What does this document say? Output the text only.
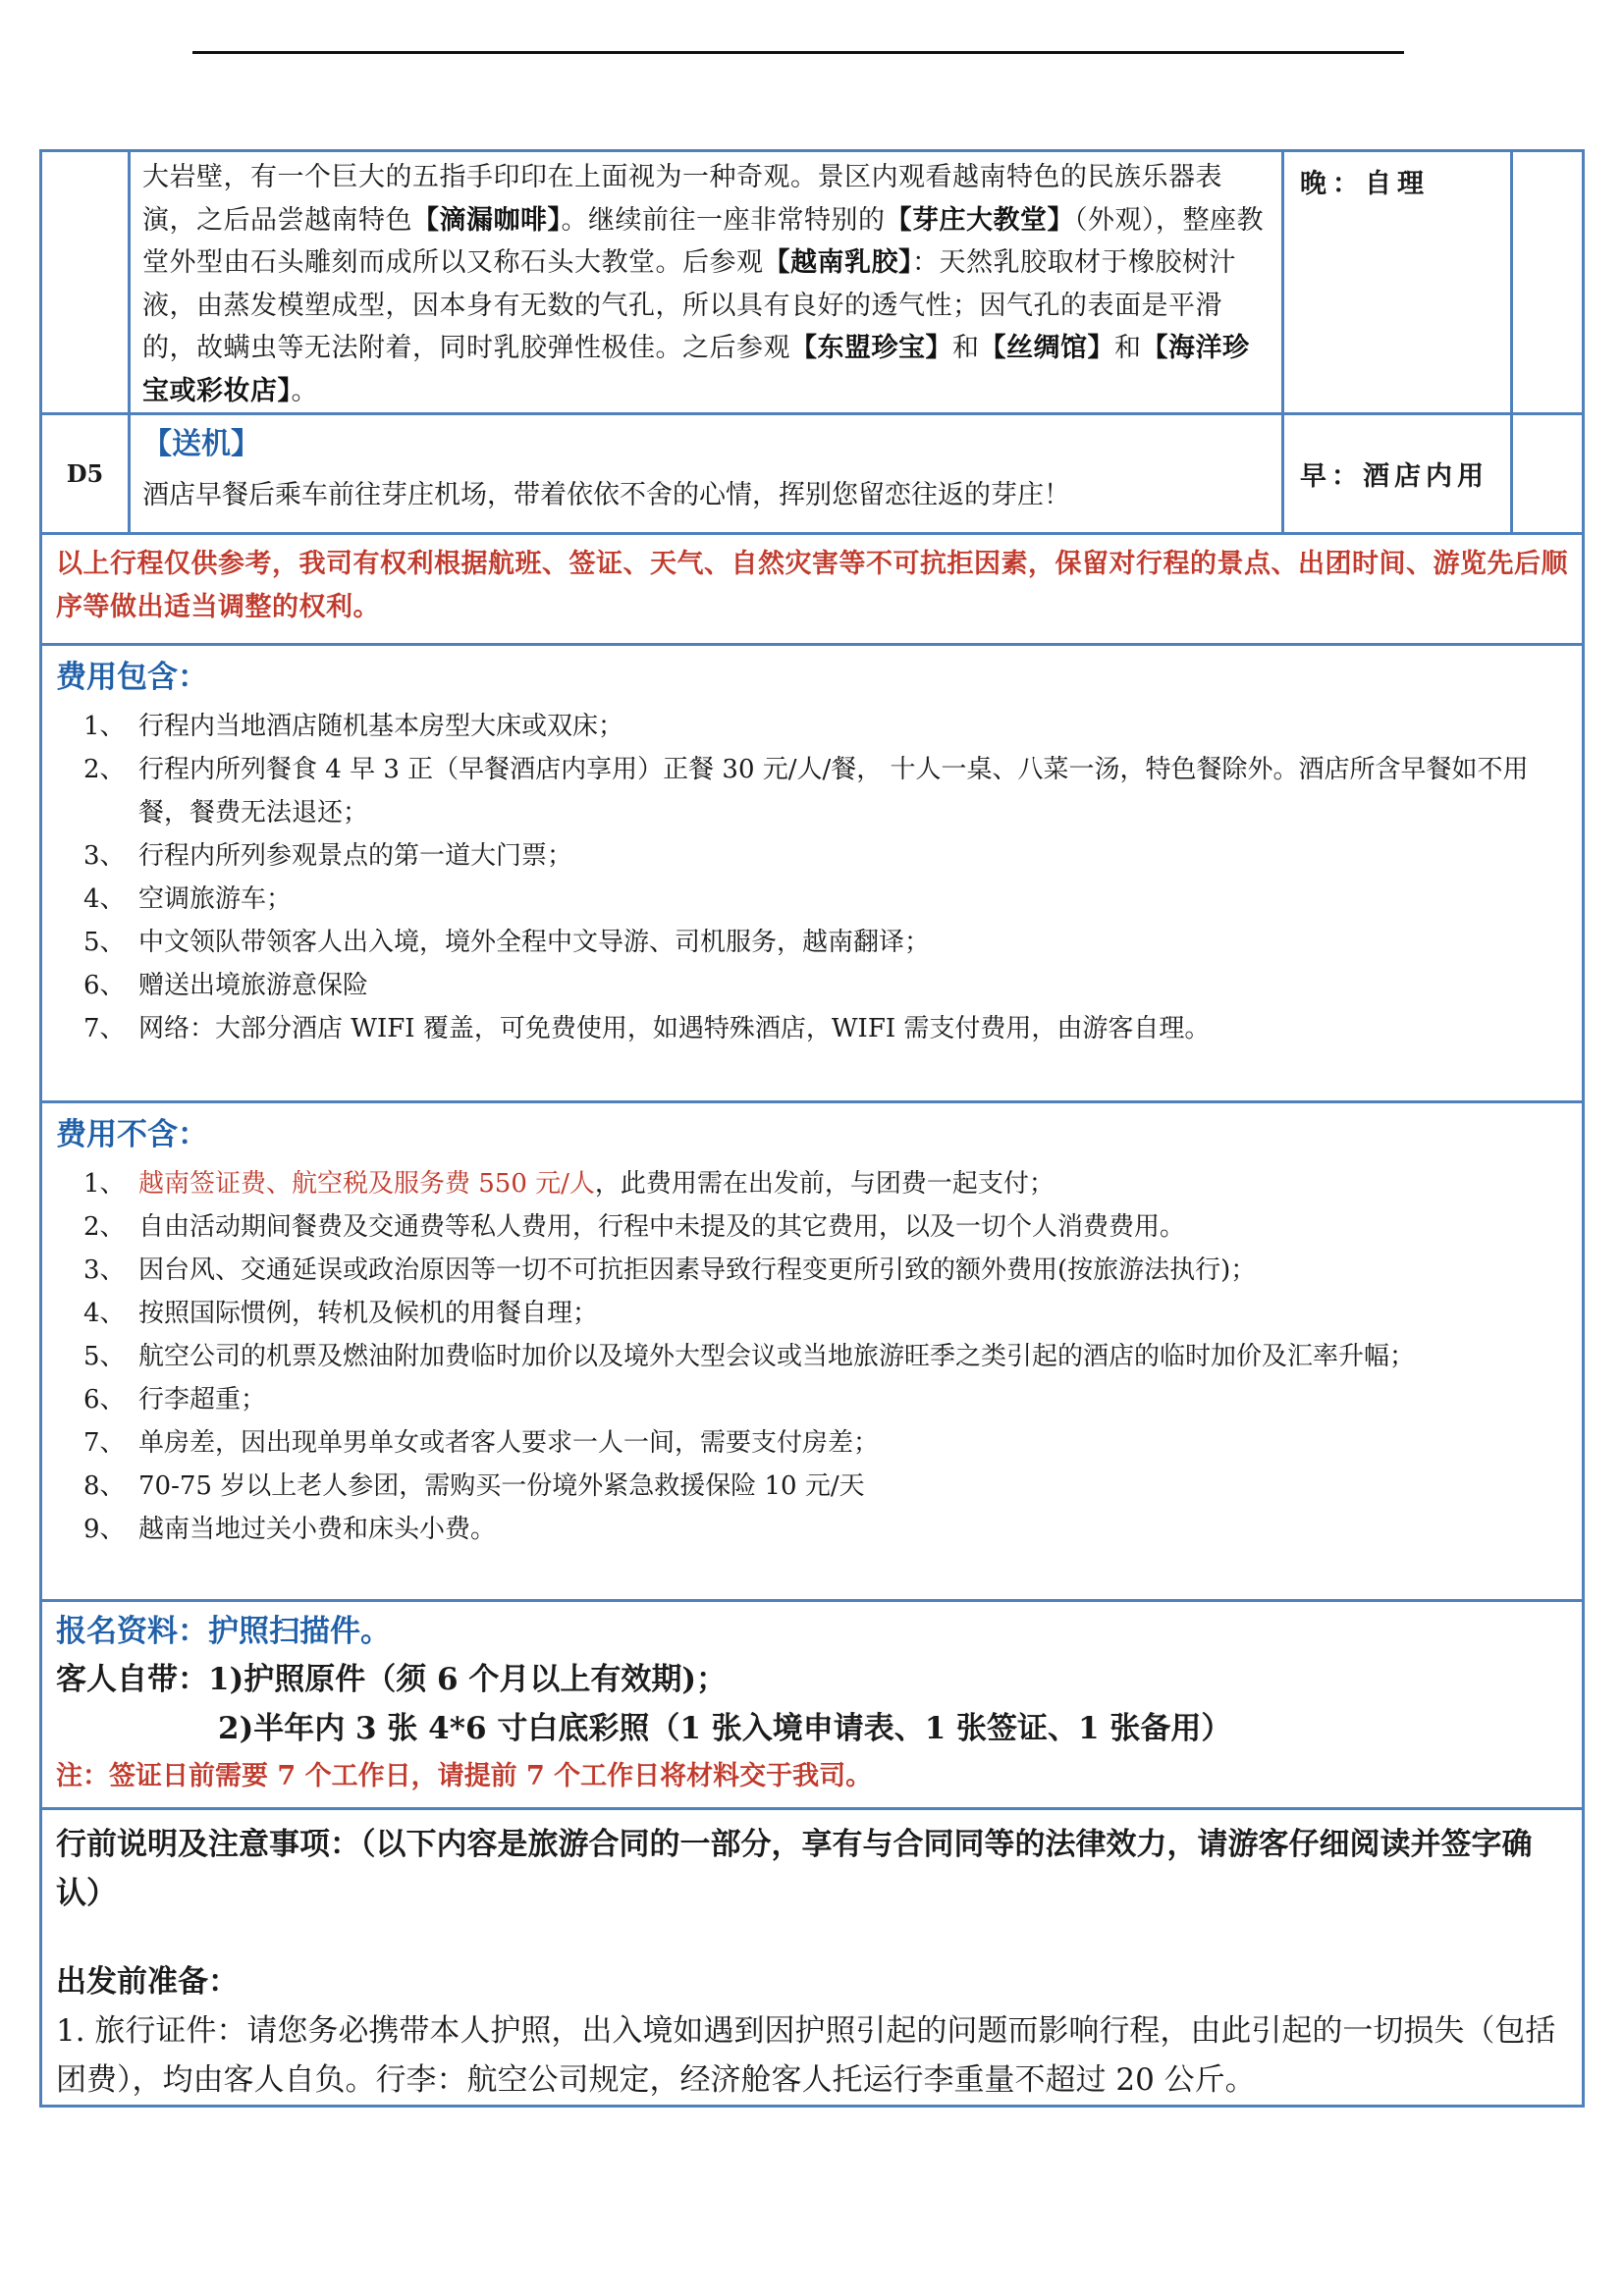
大岩壁，有一个巨大的五指手印印在上面视为一种奇观。景区内观看越南特色的民族乐器表演，之后品尝越南特色【滴漏咖啡】。继续前往一座非常特别的【芽庄大教堂】（外观），整座教堂外型由石头雕刻而成所以又称石头大教堂。后参观【越南乳胶】：天然乳胶取材于橡胶树汁液，由蒸发模塑成型，因本身有无数的气孔，所以具有良好的透气性；因气孔的表面是平滑的，故螨虫等无法附着，同时乳胶弹性极佳。之后参观【东盟珍宝】和【丝绸馆】和【海洋珍宝或彩妆店】。
晚：自理
D5
【送机】
酒店早餐后乘车前往芽庄机场，带着依依不舍的心情，挥别您留恋往返的芽庄！
早：酒店内用
以上行程仅供参考，我司有权利根据航班、签证、天气、自然灾害等不可抗拒因素，保留对行程的景点、出团时间、游览先后顺序等做出适当调整的权利。
费用包含：
1、 行程内当地酒店随机基本房型大床或双床；
2、 行程内所列餐食 4 早 3 正（早餐酒店内享用）正餐 30 元/人/餐， 十人一桌、八菜一汤，特色餐除外。酒店所含早餐如不用餐，餐费无法退还；
3、 行程内所列参观景点的第一道大门票；
4、 空调旅游车；
5、 中文领队带领客人出入境，境外全程中文导游、司机服务，越南翻译；
6、 赠送出境旅游意保险
7、 网络：大部分酒店 WIFI 覆盖，可免费使用，如遇特殊酒店，WIFI 需支付费用，由游客自理。
费用不含：
1、 越南签证费、航空税及服务费 550 元/人，此费用需在出发前，与团费一起支付；
2、 自由活动期间餐费及交通费等私人费用，行程中未提及的其它费用，以及一切个人消费费用。
3、 因台风、交通延误或政治原因等一切不可抗拒因素导致行程变更所引致的额外费用(按旅游法执行)；
4、 按照国际惯例，转机及候机的用餐自理；
5、 航空公司的机票及燃油附加费临时加价以及境外大型会议或当地旅游旺季之类引起的酒店的临时加价及汇率升幅；
6、 行李超重；
7、 单房差，因出现单男单女或者客人要求一人一间，需要支付房差；
8、 70-75 岁以上老人参团，需购买一份境外紧急救援保险 10 元/天
9、 越南当地过关小费和床头小费。
报名资料：护照扫描件。
客人自带：1)护照原件（须 6 个月以上有效期)；
2)半年内 3 张 4*6 寸白底彩照（1 张入境申请表、1 张签证、1 张备用）
注：签证日前需要 7 个工作日，请提前 7 个工作日将材料交于我司。
行前说明及注意事项：（以下内容是旅游合同的一部分，享有与合同同等的法律效力，请游客仔细阅读并签字确认）
出发前准备：
1. 旅行证件：请您务必携带本人护照，出入境如遇到因护照引起的问题而影响行程，由此引起的一切损失（包括团费），均由客人自负。行李：航空公司规定，经济舱客人托运行李重量不超过 20 公斤。
